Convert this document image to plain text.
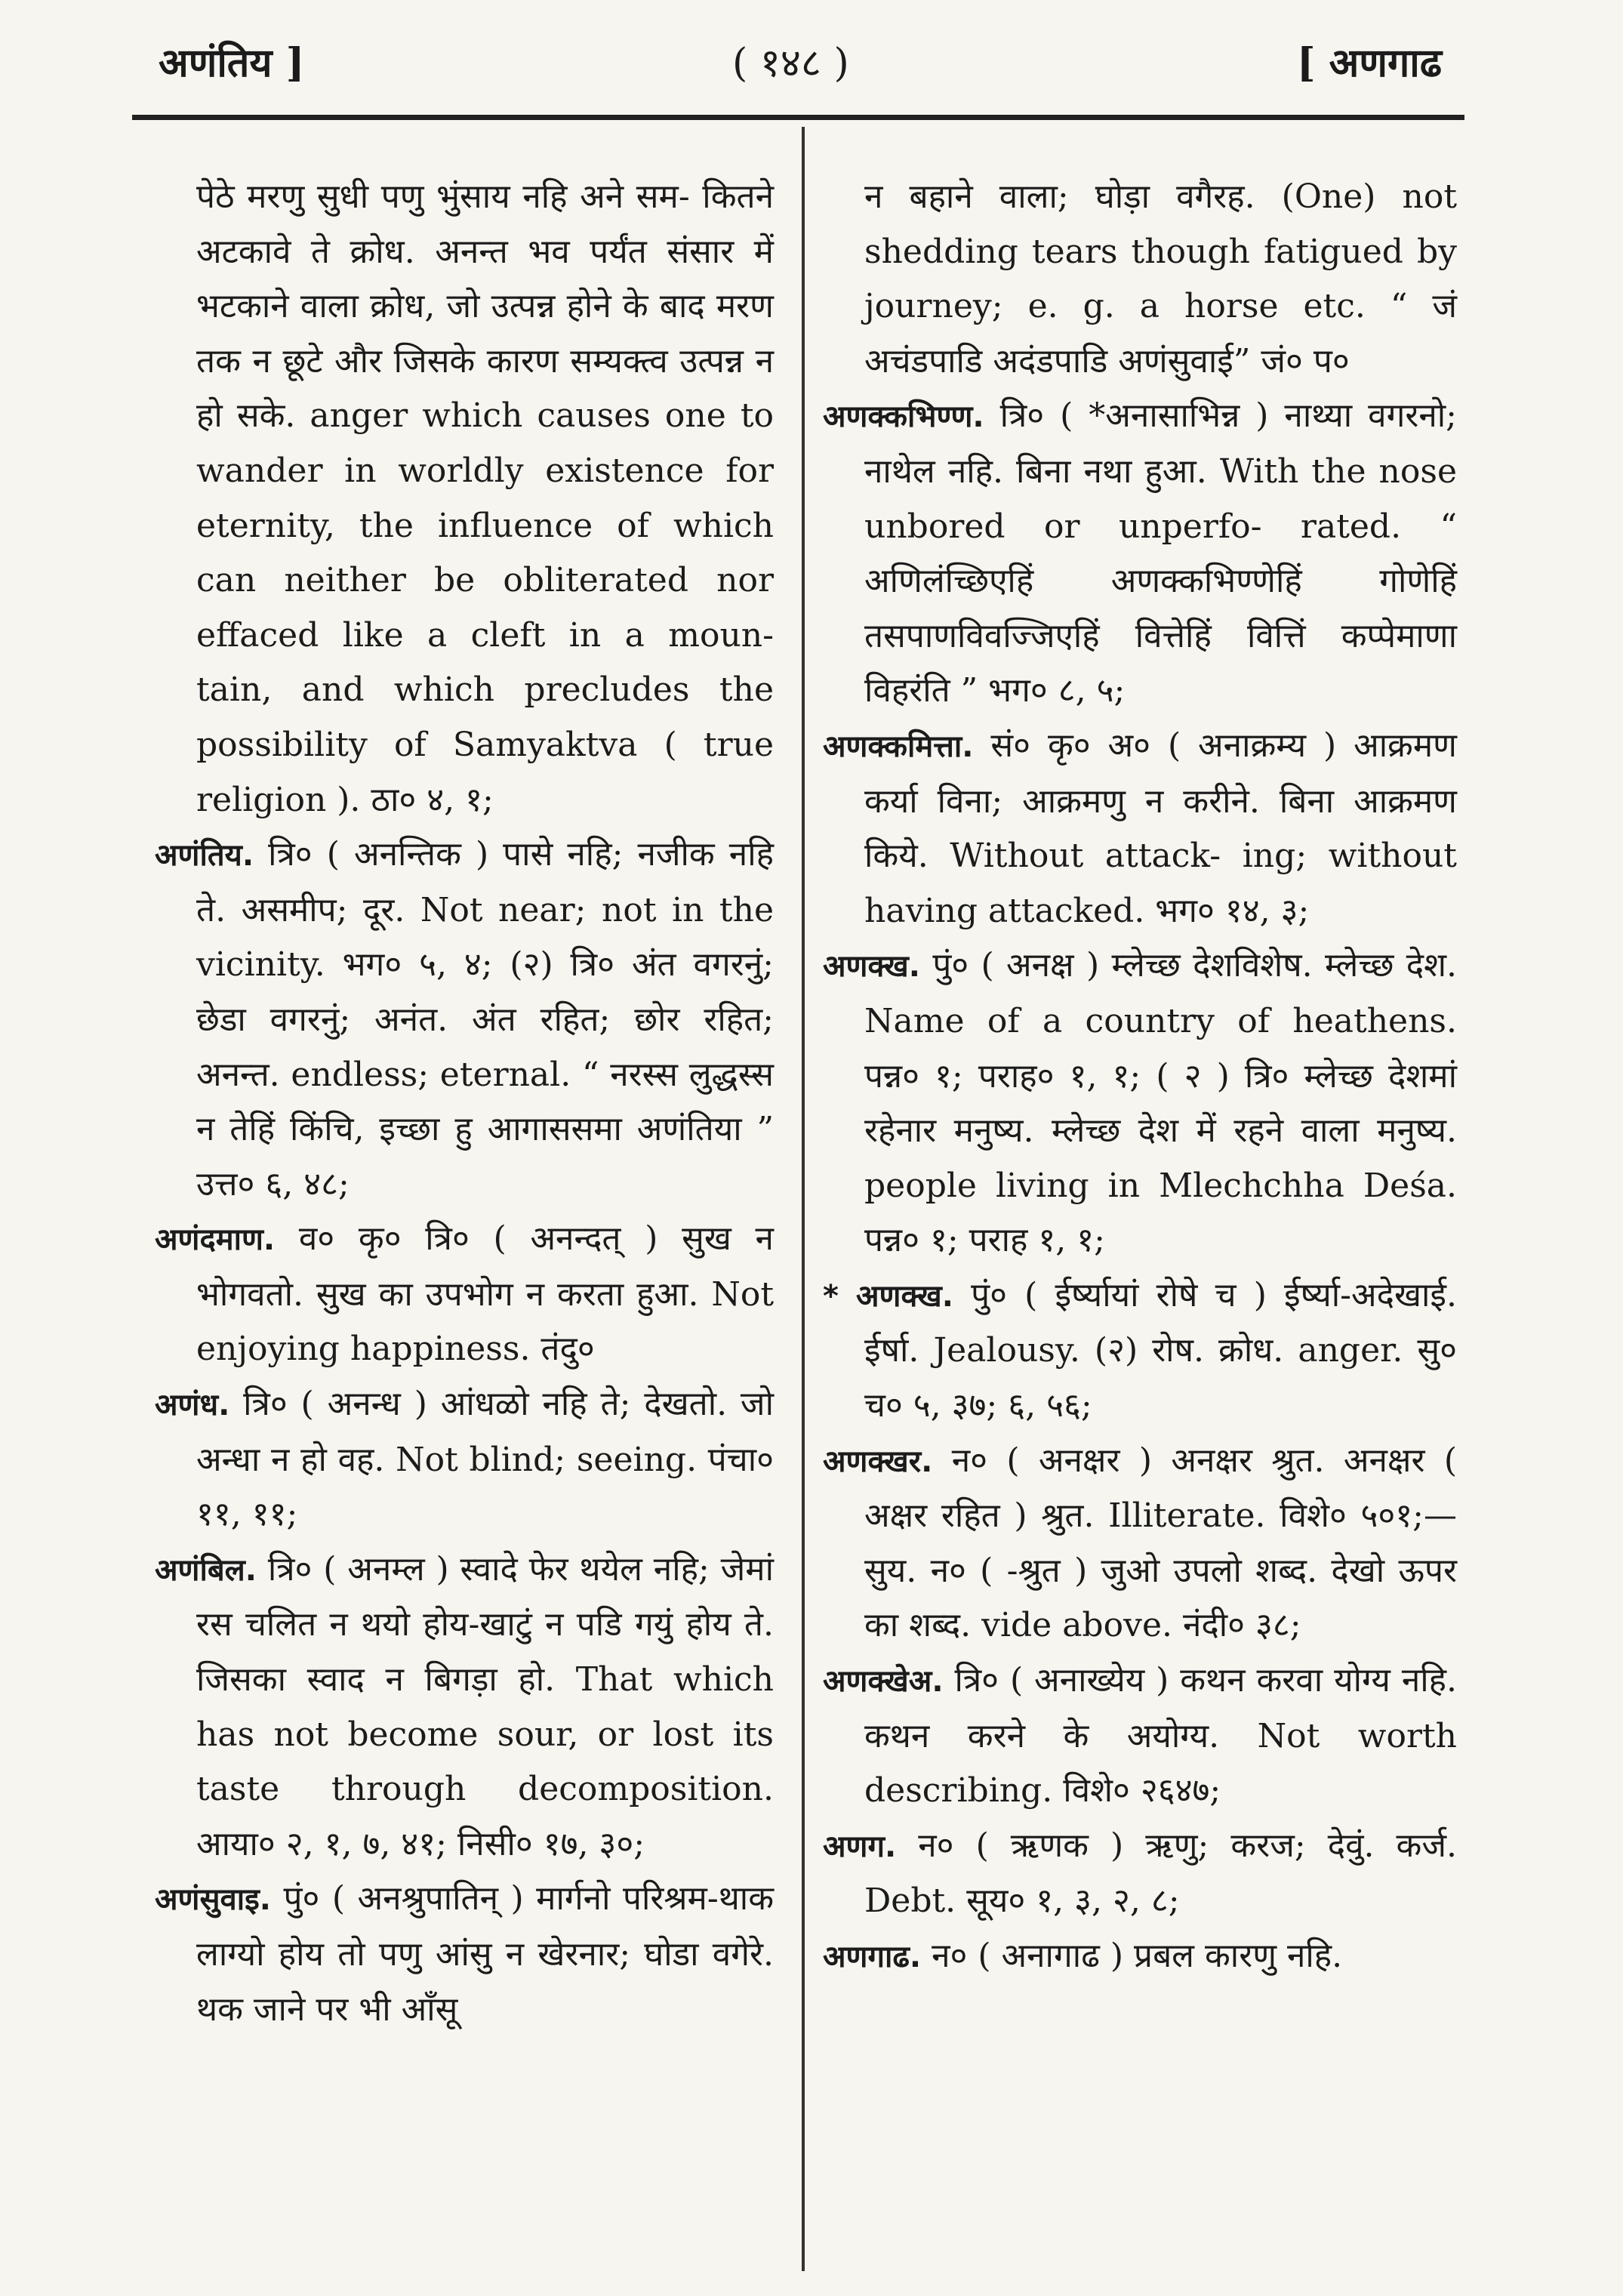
अणंतिय ]	( १४८ )	[ अणगाढ

पेठे मरणु सुधी पणु भुंसाय नहि अने सम- कितने अटकावे ते क्रोध. अनन्त भव पर्यंत संसार में भटकाने वाला क्रोध, जो उत्पन्न होने के बाद मरण तक न छूटे और जिसके कारण सम्यक्त्व उत्पन्न न हो सके. anger which causes one to wander in worldly existence for eternity, the influence of which can neither be obliterated nor effaced like a cleft in a moun- tain, and which precludes the possibility of Samyaktva ( true religion ). ठा० ४, १;

अणंतिय. त्रि० ( अनन्तिक ) पासे नहि; नजीक नहि ते. असमीप; दूर. Not near; not in the vicinity. भग० ५, ४; (२) त्रि० अंत वगरनुं; छेडा वगरनुं; अनंत. अंत रहित; छोर रहित; अनन्त. endless; eternal. “ नरस्स लुद्धस्स न तेहिं किंचि, इच्छा हु आगाससमा अणंतिया ” उत्त० ६, ४८;

अणंदमाण. व० कृ० त्रि० ( अनन्दत् ) सुख न भोगवतो. सुख का उपभोग न करता हुआ. Not enjoying happiness. तंदु०

अणंध. त्रि० ( अनन्ध ) आंधळो नहि ते; देखतो. जो अन्धा न हो वह. Not blind; seeing. पंचा० ११, ११;

अणंबिल. त्रि० ( अनम्ल ) स्वादे फेर थयेल नहि; जेमां रस चलित न थयो होय-खाटुं न पडि गयुं होय ते. जिसका स्वाद न बिगड़ा हो. That which has not become sour, or lost its taste through decomposition. आया० २, १, ७, ४१; निसी० १७, ३०;

अणंसुवाइ. पुं० ( अनश्रुपातिन् ) मार्गनो परिश्रम-थाक लाग्यो होय तो पणु आंसु न खेरनार; घोडा वगेरे. थक जाने पर भी आँसू

न बहाने वाला; घोड़ा वगैरह. (One) not shedding tears though fatigued by journey; e. g. a horse etc. “ जं अचंडपाडि अदंडपाडि अणंसुवाई” जं० प०

अणक्कभिण्ण. त्रि० ( *अनासाभिन्न ) नाथ्या वगरनो; नाथेल नहि. बिना नथा हुआ. With the nose unbored or unperfo- rated. “ अणिलंच्छिएहिं अणक्कभिण्णेहिं गोणेहिं तसपाणविवज्जिएहिं वित्तेहिं वित्तिं कप्पेमाणा विहरंति ” भग० ८, ५;

अणक्कमित्ता. सं० कृ० अ० ( अनाक्रम्य ) आक्रमण कर्या विना; आक्रमणु न करीने. बिना आक्रमण किये. Without attack- ing; without having attacked. भग० १४, ३;

अणक्ख. पुं० ( अनक्ष ) म्लेच्छ देशविशेष. म्लेच्छ देश. Name of a country of heathens. पन्न० १; पराह० १, १; ( २ ) त्रि० म्लेच्छ देशमां रहेनार मनुष्य. म्लेच्छ देश में रहने वाला मनुष्य. people living in Mlechchha Deśa. पन्न० १; पराह १, १;

* अणक्ख. पुं० ( ईर्ष्यायां रोषे च ) ईर्ष्या-अदेखाई. ईर्षा. Jealousy. (२) रोष. क्रोध. anger. सु० च० ५, ३७; ६, ५६;

अणक्खर. न० ( अनक्षर ) अनक्षर श्रुत. अनक्षर ( अक्षर रहित ) श्रुत. Illiterate. विशे० ५०१;—सुय. न० ( -श्रुत ) जुओ उपलो शब्द. देखो ऊपर का शब्द. vide above. नंदी० ३८;

अणक्खेअ. त्रि० ( अनाख्येय ) कथन करवा योग्य नहि. कथन करने के अयोग्य. Not worth describing. विशे० २६४७;

अणग. न० ( ऋणक ) ऋणु; करज; देवुं. कर्ज. Debt. सूय० १, ३, २, ८;

अणगाढ. न० ( अनागाढ ) प्रबल कारणु नहि.
